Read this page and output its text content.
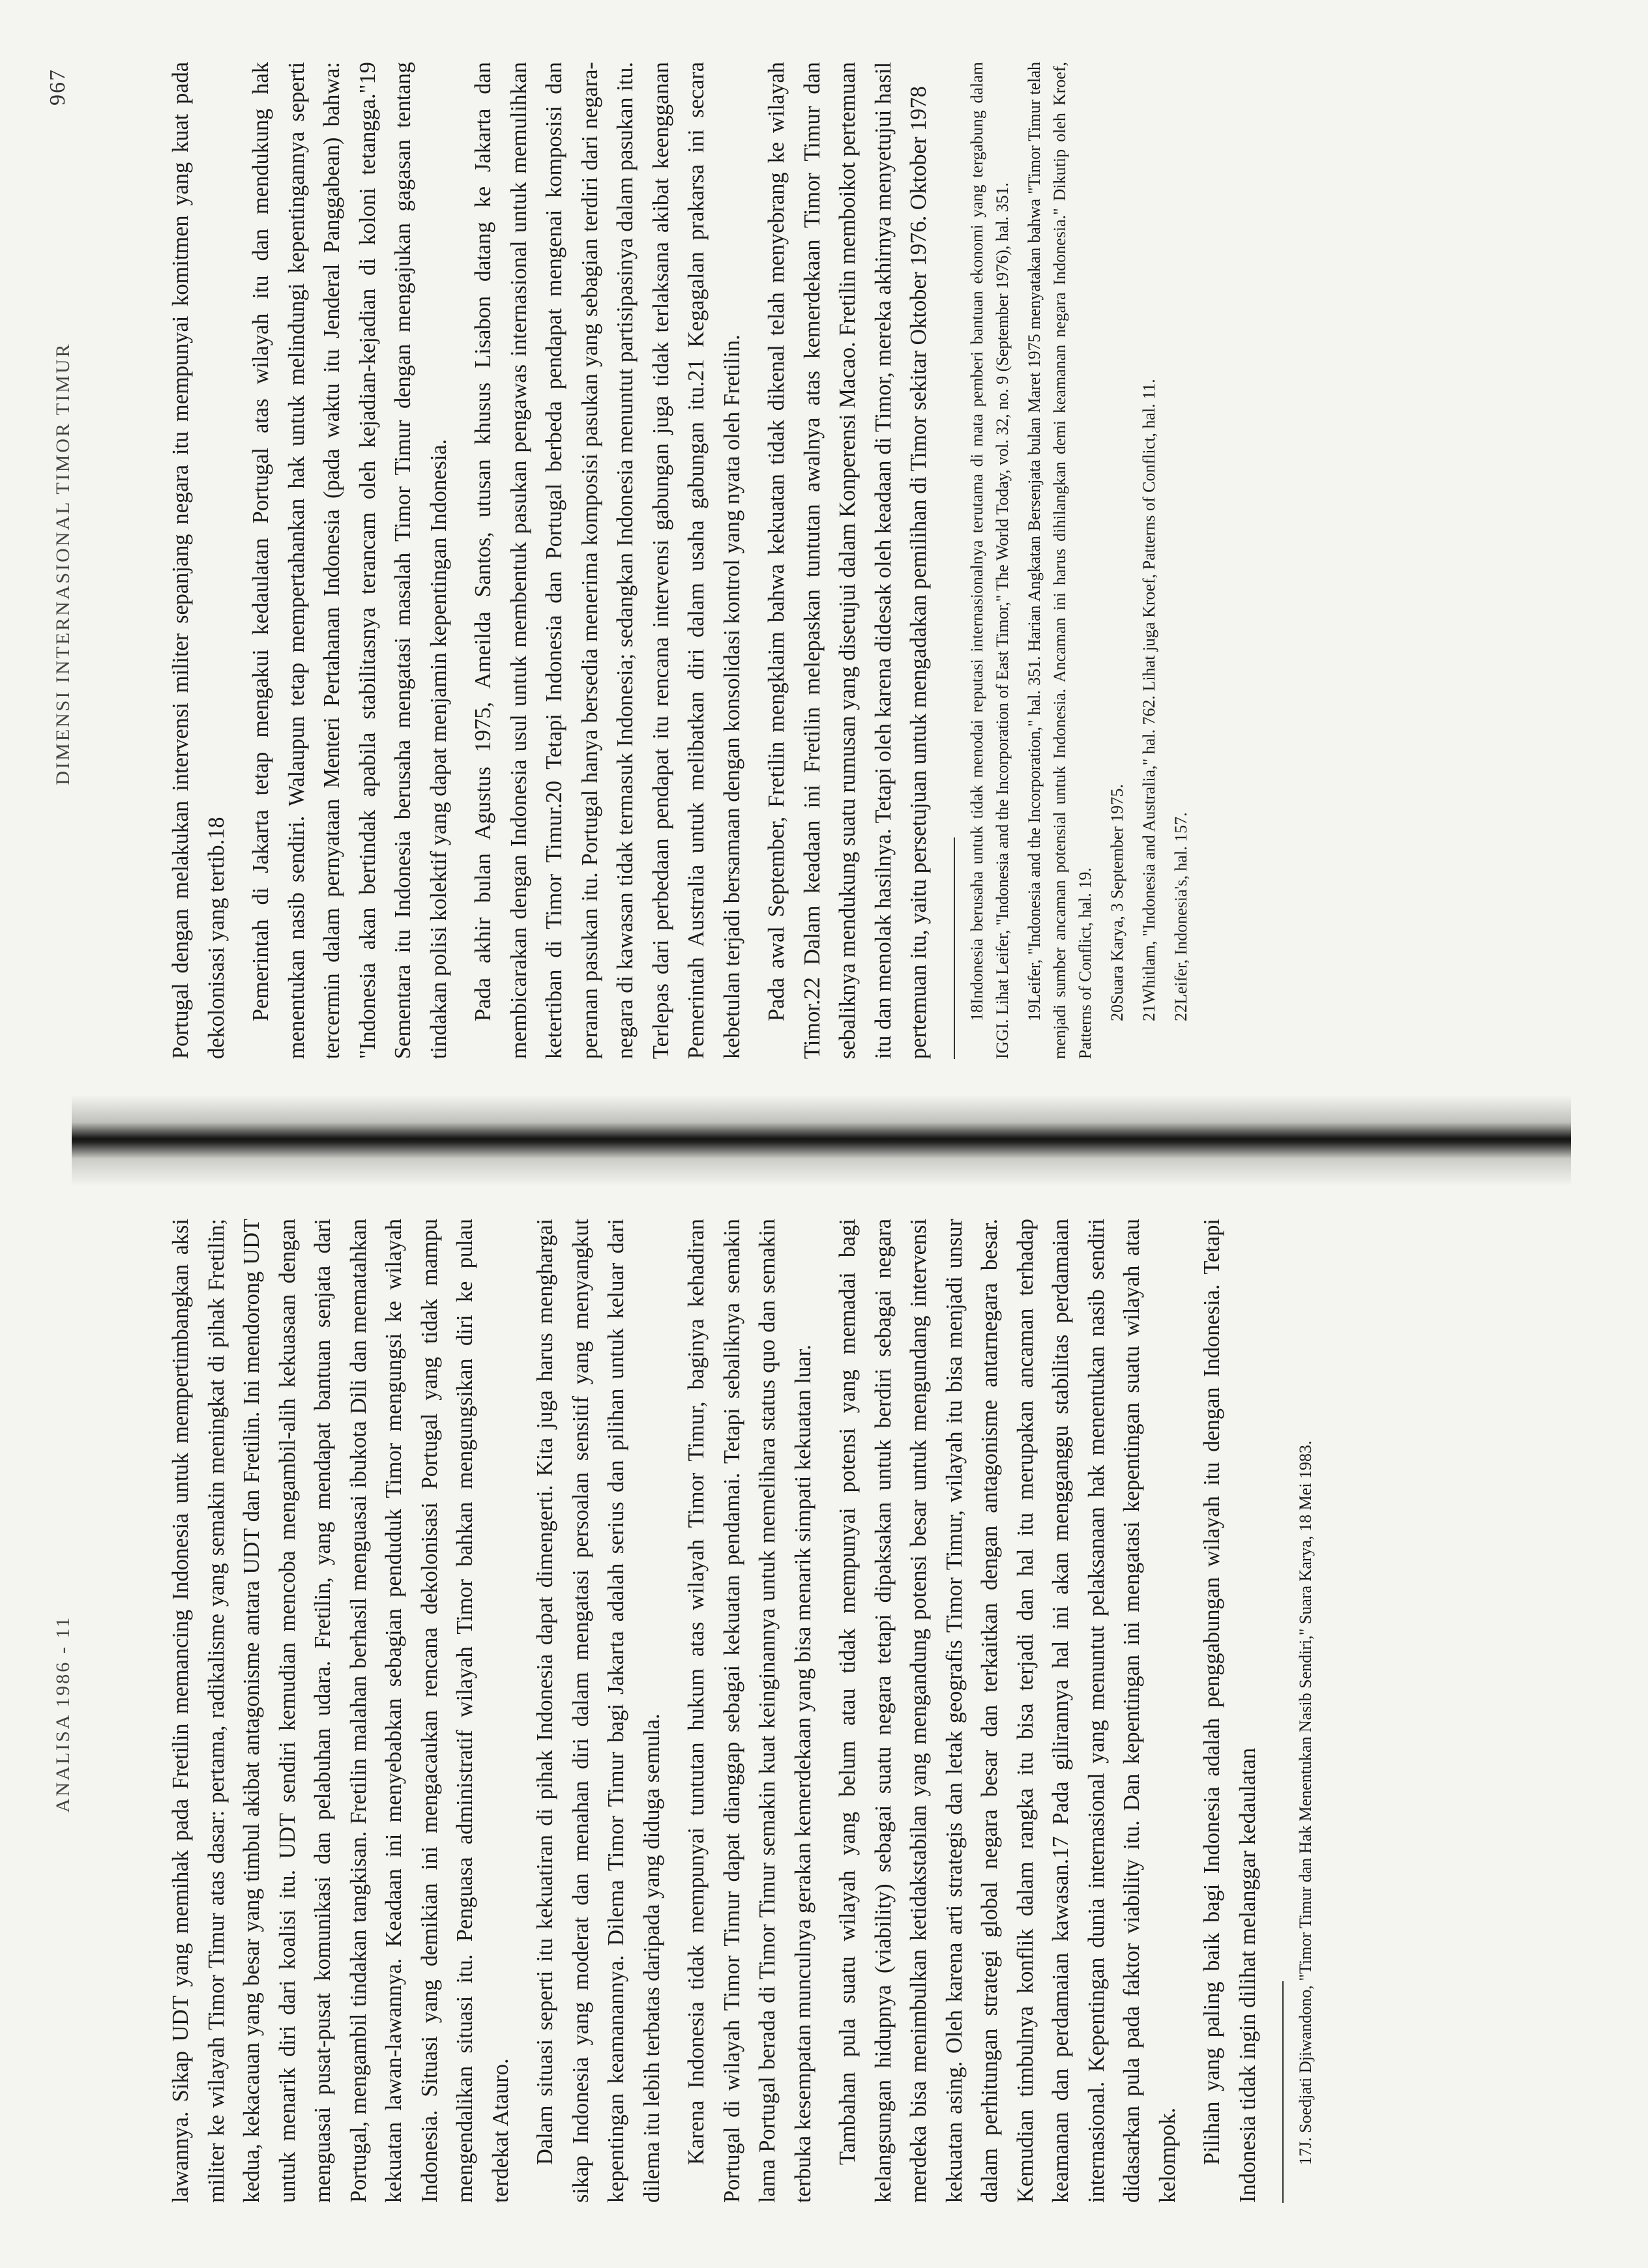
ANALISA 1986 - 11	lawannya. Sikap UDT yang memihak pada Fretilin memancing Indonesia untuk mempertimbangkan aksi militer ke wilayah Timor Timur atas dasar: pertama, radikalisme yang semakin meningkat di pihak Fretilin; kedua, kekacauan yang besar yang timbul akibat antagonisme antara UDT dan Fretilin. Ini mendorong UDT untuk menarik diri dari koalisi itu. UDT sendiri kemudian mencoba mengambil-alih kekuasaan dengan menguasai pusat-pusat komunikasi dan pelabuhan udara. Fretilin, yang mendapat bantuan senjata dari Portugal, mengambil tindakan tangkisan. Fretilin malahan berhasil menguasai ibukota Dili dan mematahkan kekuatan lawan-lawannya. Keadaan ini menyebabkan sebagian penduduk Timor mengungsi ke wilayah Indonesia. Situasi yang demikian ini mengacaukan rencana dekolonisasi Portugal yang tidak mampu mengendalikan situasi itu. Penguasa administratif wilayah Timor bahkan mengungsikan diri ke pulau terdekat Atauro. Dalam situasi seperti itu kekuatiran di pihak Indonesia dapat dimengerti. Kita juga harus menghargai sikap Indonesia yang moderat dan menahan diri dalam mengatasi persoalan sensitif yang menyangkut kepentingan keamanannya. Dilema Timor Timur bagi Jakarta adalah serius dan pilihan untuk keluar dari dilema itu lebih terbatas daripada yang diduga semula. Karena Indonesia tidak mempunyai tuntutan hukum atas wilayah Timor Timur, baginya kehadiran Portugal di wilayah Timor Timur dapat dianggap sebagai kekuatan pendamai. Tetapi sebaliknya semakin lama Portugal berada di Timor Timur semakin kuat keinginannya untuk memelihara status quo dan semakin terbuka kesempatan munculnya gerakan kemerdekaan yang bisa menarik simpati kekuatan luar. Tambahan pula suatu wilayah yang belum atau tidak mempunyai potensi yang memadai bagi kelangsungan hidupnya (viability) sebagai suatu negara tetapi dipaksakan untuk berdiri sebagai negara merdeka bisa menimbulkan ketidakstabilan yang mengandung potensi besar untuk mengundang intervensi kekuatan asing. Oleh karena arti strategis dan letak geografis Timor Timur, wilayah itu bisa menjadi unsur dalam perhitungan strategi global negara besar dan terkaitkan dengan antagonisme antarnegara besar. Kemudian timbulnya konflik dalam rangka itu bisa terjadi dan hal itu merupakan ancaman terhadap keamanan dan perdamaian kawasan.17 Pada gilirannya hal ini akan mengganggu stabilitas perdamaian internasional. Kepentingan dunia internasional yang menuntut pelaksanaan hak menentukan nasib sendiri didasarkan pula pada faktor viability itu. Dan kepentingan ini mengatasi kepentingan suatu wilayah atau kelompok. Pilihan yang paling baik bagi Indonesia adalah penggabungan wilayah itu dengan Indonesia. Tetapi Indonesia tidak ingin dilihat melanggar kedaulatan	17J. Soedjati Djiwandono, "Timor Timur dan Hak Menentukan Nasib Sendiri," Suara Karya, 18 Mei 1983.

DIMENSI INTERNASIONAL TIMOR TIMUR
967	Portugal dengan melakukan intervensi militer sepanjang negara itu mempunyai komitmen yang kuat pada dekolonisasi yang tertib.18 Pemerintah di Jakarta tetap mengakui kedaulatan Portugal atas wilayah itu dan mendukung hak menentukan nasib sendiri. Walaupun tetap mempertahankan hak untuk melindungi kepentingannya seperti tercermin dalam pernyataan Menteri Pertahanan Indonesia (pada waktu itu Jenderal Panggabean) bahwa: "Indonesia akan bertindak apabila stabilitasnya terancam oleh kejadian-kejadian di koloni tetangga."19 Sementara itu Indonesia berusaha mengatasi masalah Timor Timur dengan mengajukan gagasan tentang tindakan polisi kolektif yang dapat menjamin kepentingan Indonesia. Pada akhir bulan Agustus 1975, Ameilda Santos, utusan khusus Lisabon datang ke Jakarta dan membicarakan dengan Indonesia usul untuk membentuk pasukan pengawas internasional untuk memulihkan ketertiban di Timor Timur.20 Tetapi Indonesia dan Portugal berbeda pendapat mengenai komposisi dan peranan pasukan itu. Portugal hanya bersedia menerima komposisi pasukan yang sebagian terdiri dari negara-negara di kawasan tidak termasuk Indonesia; sedangkan Indonesia menuntut partisipasinya dalam pasukan itu. Terlepas dari perbedaan pendapat itu rencana intervensi gabungan juga tidak terlaksana akibat keengganan Pemerintah Australia untuk melibatkan diri dalam usaha gabungan itu.21 Kegagalan prakarsa ini secara kebetulan terjadi bersamaan dengan konsolidasi kontrol yang nyata oleh Fretilin. Pada awal September, Fretilin mengklaim bahwa kekuatan tidak dikenal telah menyebrang ke wilayah Timor.22 Dalam keadaan ini Fretilin melepaskan tuntutan awalnya atas kemerdekaan Timor Timur dan sebaliknya mendukung suatu rumusan yang disetujui dalam Konperensi Macao. Fretilin memboikot pertemuan itu dan menolak hasilnya. Tetapi oleh karena didesak oleh keadaan di Timor, mereka akhirnya menyetujui hasil pertemuan itu, yaitu persetujuan untuk mengadakan pemilihan di Timor sekitar Oktober 1976. Oktober 1978	18Indonesia berusaha untuk tidak menodai reputasi internasionalnya terutama di mata pemberi bantuan ekonomi yang tergabung dalam IGGI. Lihat Leifer, "Indonesia and the Incorporation of East Timor," The World Today, vol. 32, no. 9 (September 1976), hal. 351. 19Leifer, "Indonesia and the Incorporation," hal. 351. Harian Angkatan Bersenjata bulan Maret 1975 menyatakan bahwa "Timor Timur telah menjadi sumber ancaman potensial untuk Indonesia. Ancaman ini harus dihilangkan demi keamanan negara Indonesia." Dikutip oleh Kroef, Patterns of Conflict, hal. 19. 20Suara Karya, 3 September 1975. 21Whitlam, "Indonesia and Australia," hal. 762. Lihat juga Kroef, Patterns of Conflict, hal. 11. 22Leifer, Indonesia's, hal. 157.
